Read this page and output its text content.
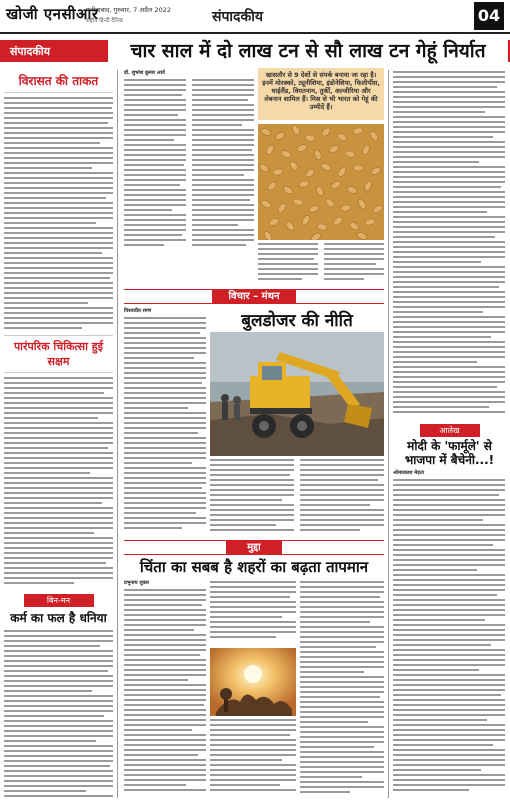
खोजी एनसीआर
फरीदाबाद, गुरुवार, 7 अप्रैल 2022
राष्ट्रीय हिन्दी दैनिक	संपादकीय	04
संपादकीय	चार साल में दो लाख टन से सौ लाख टन गेहूं निर्यात
विरासत की ताकत
पारंपरिक चिकित्सा हुई सक्षम
बिन-मन
कर्म का फल है धनिया
डॉ. शुभांश कुमार आर्य	खासतौर से 9 देशों से संपर्क बनाया जा रहा है। इनमें मोरक्को, ट्यूनीशिया, इंडोनेशिया, फिलीपींस, थाईलैंड, वियतनाम, तुर्की, अल्जीरिया और लेबनान शामिल हैं। मिस्र से भी भारत को गेहूं की उम्मीदें हैं।
विचार – मंथन
विश्वजीत रमण	बुलडोजर की नीति
मुद्दा
चिंता का सबब है शहरों का बढ़ता तापमान
प्रभुनाथ शुक्ल
आलेख
मोदी के 'फार्मूले' से भाजपा में बैचेनी...!
ओमप्रकाश मेहता
